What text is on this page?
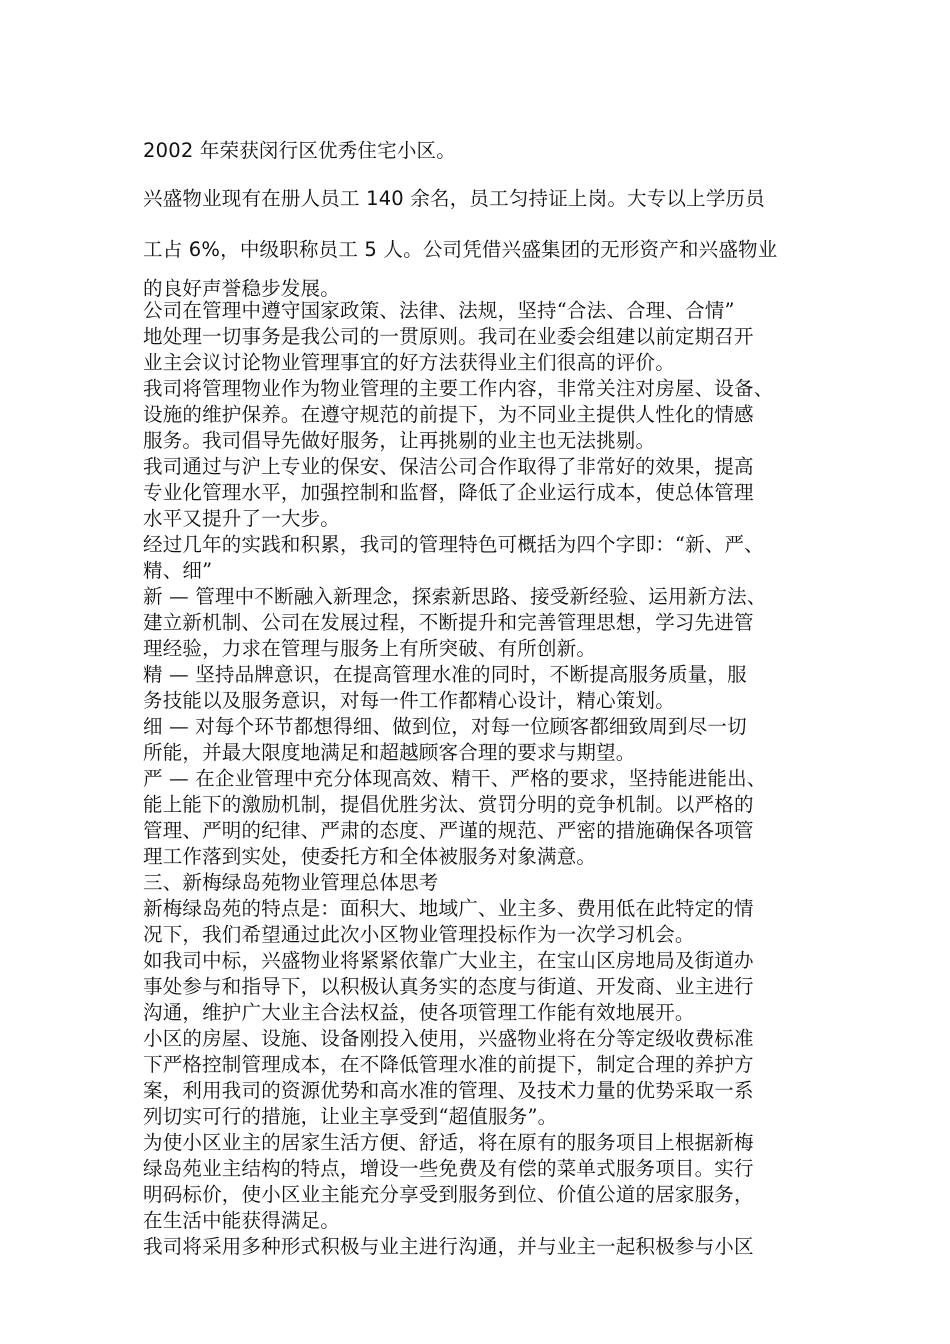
2002 年荣获闵行区优秀住宅小区。
兴盛物业现有在册人员工 140 余名，员工匀持证上岗。大专以上学历员
工占 6%，中级职称员工 5 人。公司凭借兴盛集团的无形资产和兴盛物业
的良好声誉稳步发展。
公司在管理中遵守国家政策、法律、法规，坚持“合法、合理、合情”
地处理一切事务是我公司的一贯原则。我司在业委会组建以前定期召开
业主会议讨论物业管理事宜的好方法获得业主们很高的评价。
我司将管理物业作为物业管理的主要工作内容，非常关注对房屋、设备、
设施的维护保养。在遵守规范的前提下，为不同业主提供人性化的情感
服务。我司倡导先做好服务，让再挑剔的业主也无法挑剔。
我司通过与沪上专业的保安、保洁公司合作取得了非常好的效果，提高
专业化管理水平，加强控制和监督，降低了企业运行成本，使总体管理
水平又提升了一大步。
经过几年的实践和积累，我司的管理特色可概括为四个字即：“新、严、
精、细”
新 — 管理中不断融入新理念，探索新思路、接受新经验、运用新方法、
建立新机制、公司在发展过程，不断提升和完善管理思想，学习先进管
理经验，力求在管理与服务上有所突破、有所创新。
精 — 坚持品牌意识，在提高管理水准的同时，不断提高服务质量，服
务技能以及服务意识，对每一件工作都精心设计，精心策划。
细 — 对每个环节都想得细、做到位，对每一位顾客都细致周到尽一切
所能，并最大限度地满足和超越顾客合理的要求与期望。
严 — 在企业管理中充分体现高效、精干、严格的要求，坚持能进能出、
能上能下的激励机制，提倡优胜劣汰、赏罚分明的竞争机制。以严格的
管理、严明的纪律、严肃的态度、严谨的规范、严密的措施确保各项管
理工作落到实处，使委托方和全体被服务对象满意。
三、新梅绿岛苑物业管理总体思考
新梅绿岛苑的特点是：面积大、地域广、业主多、费用低在此特定的情
况下，我们希望通过此次小区物业管理投标作为一次学习机会。
如我司中标，兴盛物业将紧紧依靠广大业主，在宝山区房地局及街道办
事处参与和指导下，以积极认真务实的态度与街道、开发商、业主进行
沟通，维护广大业主合法权益，使各项管理工作能有效地展开。
小区的房屋、设施、设备刚投入使用，兴盛物业将在分等定级收费标准
下严格控制管理成本，在不降低管理水准的前提下，制定合理的养护方
案，利用我司的资源优势和高水准的管理、及技术力量的优势采取一系
列切实可行的措施，让业主享受到“超值服务”。
为使小区业主的居家生活方便、舒适，将在原有的服务项目上根据新梅
绿岛苑业主结构的特点，增设一些免费及有偿的菜单式服务项目。实行
明码标价，使小区业主能充分享受到服务到位、价值公道的居家服务，
在生活中能获得满足。
我司将采用多种形式积极与业主进行沟通，并与业主一起积极参与小区
